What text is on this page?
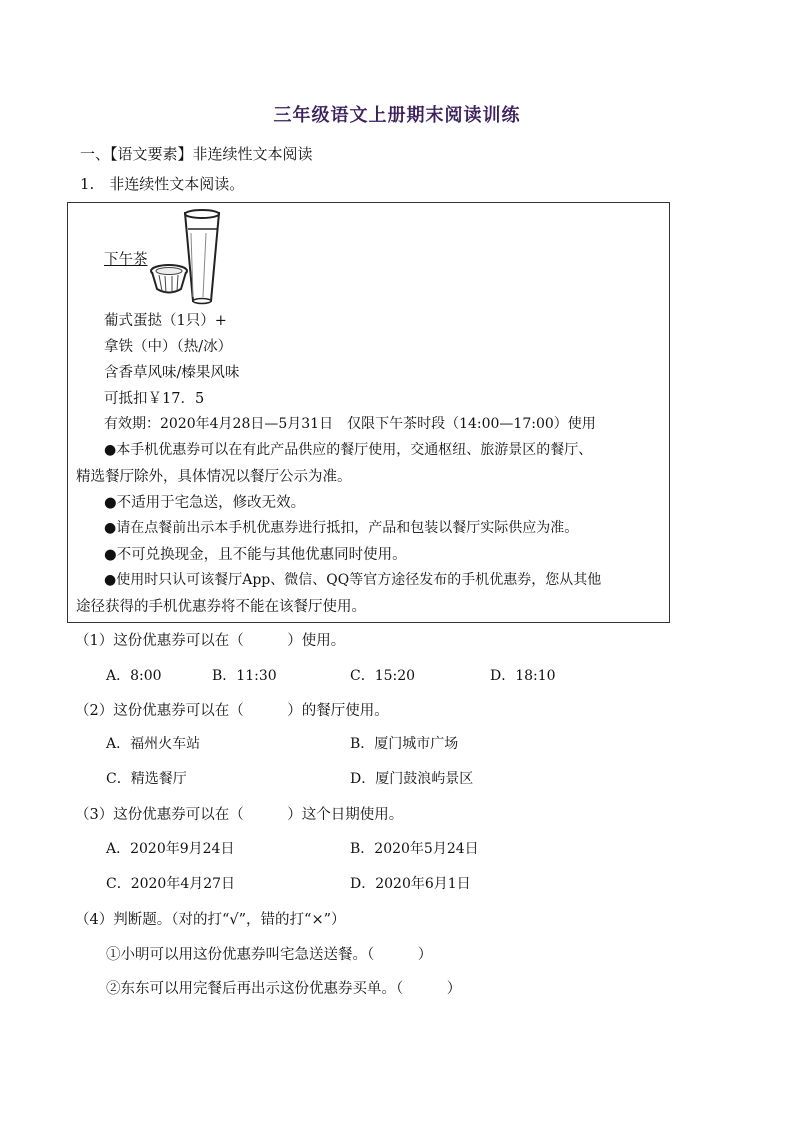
三年级语文上册期末阅读训练
一、【语文要素】非连续性文本阅读
1.　非连续性文本阅读。
下午茶
葡式蛋挞（1只）+
拿铁（中）（热/冰）
含香草风味/榛果风味
可抵扣￥17．5
有效期：2020年4月28日—5月31日　仅限下午茶时段（14:00—17:00）使用
●本手机优惠券可以在有此产品供应的餐厅使用，交通枢纽、旅游景区的餐厅、
精选餐厅除外，具体情况以餐厅公示为准。
●不适用于宅急送，修改无效。
●请在点餐前出示本手机优惠券进行抵扣，产品和包装以餐厅实际供应为准。
●不可兑换现金，且不能与其他优惠同时使用。
●使用时只认可该餐厅App、微信、QQ等官方途径发布的手机优惠券，您从其他
途径获得的手机优惠券将不能在该餐厅使用。
（1）这份优惠券可以在（　　　）使用。
A．8:00	B．11:30	C．15:20	D．18:10
（2）这份优惠券可以在（　　　）的餐厅使用。
A．福州火车站	B．厦门城市广场
C．精选餐厅	D．厦门鼓浪屿景区
（3）这份优惠券可以在（　　　）这个日期使用。
A．2020年9月24日	B．2020年5月24日
C．2020年4月27日	D．2020年6月1日
（4）判断题。（对的打“√”，错的打“×”）
①小明可以用这份优惠券叫宅急送送餐。（　　　）
②东东可以用完餐后再出示这份优惠券买单。（　　　）
